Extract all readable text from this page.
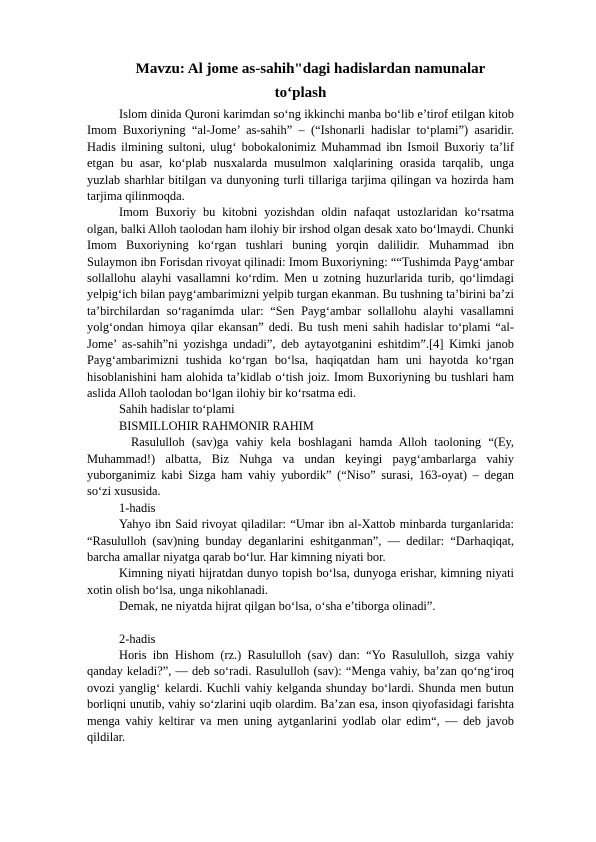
Mavzu: Al jome as-sahih"dagi hadislardan namunalar
to‘plash

Islom dinida Quroni karimdan so‘ng ikkinchi manba bo‘lib e’tirof etilgan kitob Imom Buxoriyning “al-Jome’ as-sahih” – (“Ishonarli hadislar to‘plami”) asaridir. Hadis ilmining sultoni, ulug‘ bobokalonimiz Muhammad ibn Ismoil Buxoriy ta’lif etgan bu asar, ko‘plab nusxalarda musulmon xalqlarining orasida tarqalib, unga yuzlab sharhlar bitilgan va dunyoning turli tillariga tarjima qilingan va hozirda ham tarjima qilinmoqda.

Imom Buxoriy bu kitobni yozishdan oldin nafaqat ustozlaridan ko‘rsatma olgan, balki Alloh taolodan ham ilohiy bir irshod olgan desak xato bo‘lmaydi. Chunki Imom Buxoriyning ko‘rgan tushlari buning yorqin dalilidir. Muhammad ibn Sulaymon ibn Forisdan rivoyat qilinadi: Imom Buxoriyning: ““Tushimda Payg‘ambar sollallohu alayhi vasallamni ko‘rdim. Men u zotning huzurlarida turib, qo‘limdagi yelpig‘ich bilan payg‘ambarimizni yelpib turgan ekanman. Bu tushning ta’birini ba’zi ta’birchilardan so‘raganimda ular: “Sen Payg‘ambar sollallohu alayhi vasallamni yolg‘ondan himoya qilar ekansan” dedi. Bu tush meni sahih hadislar to‘plami “al-Jome’ as-sahih”ni yozishga undadi”, deb aytayotganini eshitdim”.[4] Kimki janob Payg‘ambarimizni tushida ko‘rgan bo‘lsa, haqiqatdan ham uni hayotda ko‘rgan hisoblanishini ham alohida ta’kidlab o‘tish joiz. Imom Buxoriyning bu tushlari ham aslida Alloh taolodan bo‘lgan ilohiy bir ko‘rsatma edi.

Sahih hadislar to‘plami

BISMILLOHIR RAHMONIR RAHIM

Rasululloh (sav)ga vahiy kela boshlagani hamda Alloh taoloning “(Ey, Muhammad!) albatta, Biz Nuhga va undan keyingi payg‘ambarlarga vahiy yuborganimiz kabi Sizga ham vahiy yubordik” (“Niso” surasi, 163-oyat) – degan so‘zi xususida.

1-hadis

Yahyo ibn Said rivoyat qiladilar: “Umar ibn al-Xattob minbarda turganlarida: “Rasululloh (sav)ning bunday deganlarini eshitganman”, — dedilar: “Darhaqiqat, barcha amallar niyatga qarab bo‘lur. Har kimning niyati bor.

Kimning niyati hijratdan dunyo topish bo‘lsa, dunyoga erishar, kimning niyati xotin olish bo‘lsa, unga nikohlanadi.

Demak, ne niyatda hijrat qilgan bo‘lsa, o‘sha e’tiborga olinadi”.

2-hadis

Horis ibn Hishom (rz.) Rasululloh (sav) dan: “Yo Rasululloh, sizga vahiy qanday keladi?”, — deb so‘radi. Rasululloh (sav): “Menga vahiy, ba’zan qo‘ng‘iroq ovozi yanglig‘ kelardi. Kuchli vahiy kelganda shunday bo‘lardi. Shunda men butun borliqni unutib, vahiy so‘zlarini uqib olardim. Ba’zan esa, inson qiyofasidagi farishta menga vahiy keltirar va men uning aytganlarini yodlab olar edim“, — deb javob qildilar.
